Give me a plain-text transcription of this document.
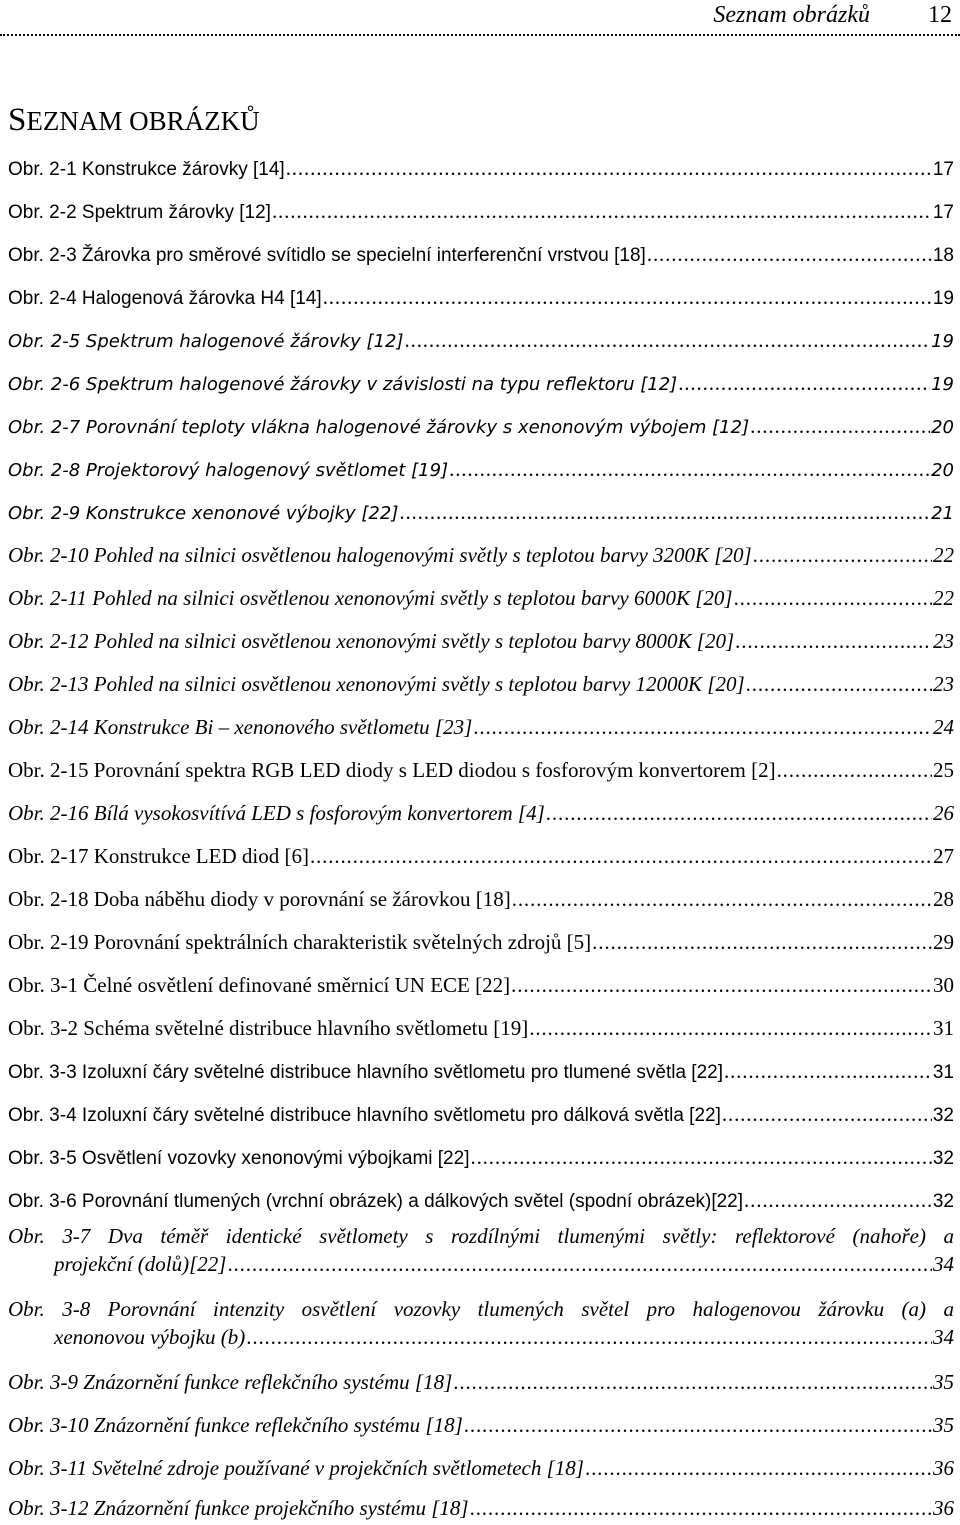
Seznam obrázků 12
SEZNAM OBRÁZKŮ
Obr. 2-1 Konstrukce žárovky [14] . . .	17
Obr. 2-2 Spektrum žárovky [12] . . .	17
Obr. 2-3 Žárovka pro směrové svítidlo se specielní interferenční vrstvou [18] . . .	18
Obr. 2-4 Halogenová žárovka H4 [14] . . .	19
Obr. 2-5 Spektrum halogenové žárovky [12] . . .	19
Obr. 2-6 Spektrum halogenové žárovky v závislosti na typu reflektoru [12] . . .	19
Obr. 2-7 Porovnání teploty vlákna halogenové žárovky s xenonovým výbojem [12] . . .	20
Obr. 2-8 Projektorový halogenový světlomet [19] . . .	20
Obr. 2-9 Konstrukce xenonové výbojky [22] . . .	21
Obr. 2-10 Pohled na silnici osvětlenou halogenovými světly s teplotou barvy 3200K [20] . . .	22
Obr. 2-11 Pohled na silnici osvětlenou xenonovými světly s teplotou barvy 6000K [20] . . .	22
Obr. 2-12 Pohled na silnici osvětlenou xenonovými světly s teplotou barvy 8000K [20] . . .	23
Obr. 2-13 Pohled na silnici osvětlenou xenonovými světly s teplotou barvy 12000K [20] . . .	23
Obr. 2-14 Konstrukce Bi – xenonového světlometu [23] . . .	24
Obr. 2-15 Porovnání spektra RGB LED diody s LED diodou s fosforovým konvertorem [2] . . .	25
Obr. 2-16 Bílá vysokosvítívá LED s fosforovým konvertorem [4] . . .	26
Obr. 2-17 Konstrukce LED diod [6] . . .	27
Obr. 2-18 Doba náběhu diody v porovnání se žárovkou [18] . . .	28
Obr. 2-19 Porovnání spektrálních charakteristik světelných zdrojů [5] . . .	29
Obr. 3-1 Čelné osvětlení definované směrnicí UN ECE [22] . . .	30
Obr. 3-2 Schéma světelné distribuce hlavního světlometu [19] . . .	31
Obr. 3-3 Izoluxní čáry světelné distribuce hlavního světlometu pro tlumené světla [22] . . .	31
Obr. 3-4 Izoluxní čáry světelné distribuce hlavního světlometu pro dálková světla [22] . . .	32
Obr. 3-5 Osvětlení vozovky xenonovými výbojkami [22] . . .	32
Obr. 3-6 Porovnání tlumených (vrchní obrázek) a dálkových světel (spodní obrázek)[22] . . .	32
Obr. 3-7 Dva téměř identické světlomety s rozdílnými tlumenými světly: reflektorové (nahoře) a
projekční (dolů)[22] . . .	34
Obr. 3-8 Porovnání intenzity osvětlení vozovky tlumených světel pro halogenovou žárovku (a) a
xenonovou výbojku (b) . . .	34
Obr. 3-9 Znázornění funkce reflekčního systému [18] . . .	35
Obr. 3-10 Znázornění funkce reflekčního systému [18] . . .	35
Obr. 3-11 Světelné zdroje používané v projekčních světlometech [18] . . .	36
Obr. 3-12 Znázornění funkce projekčního systému [18] . . .	36
